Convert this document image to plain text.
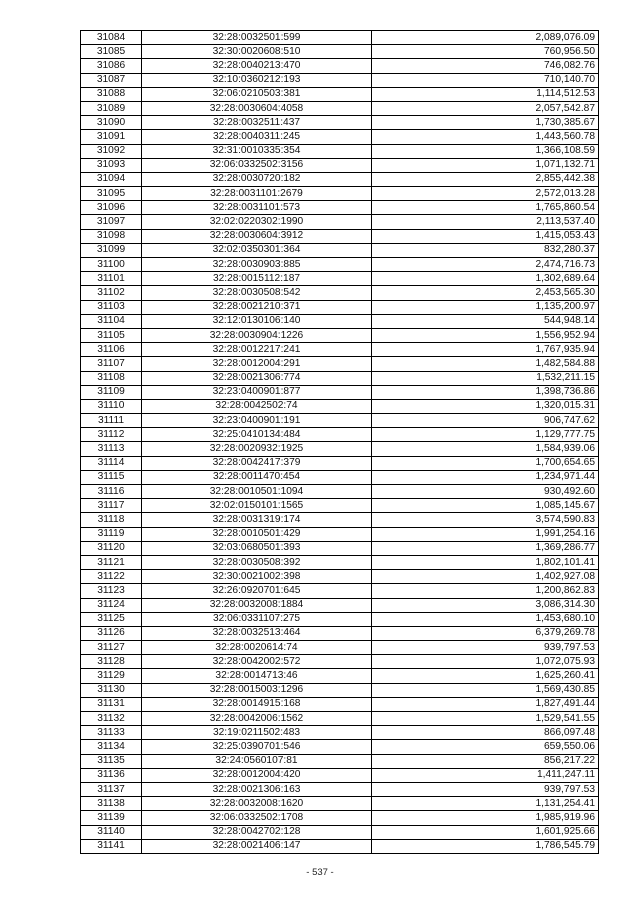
31084	32:28:0032501:599	2,089,076.09
31085	32:30:0020608:510	760,956.50
31086	32:28:0040213:470	746,082.76
31087	32:10:0360212:193	710,140.70
31088	32:06:0210503:381	1,114,512.53
31089	32:28:0030604:4058	2,057,542.87
31090	32:28:0032511:437	1,730,385.67
31091	32:28:0040311:245	1,443,560.78
31092	32:31:0010335:354	1,366,108.59
31093	32:06:0332502:3156	1,071,132.71
31094	32:28:0030720:182	2,855,442.38
31095	32:28:0031101:2679	2,572,013.28
31096	32:28:0031101:573	1,765,860.54
31097	32:02:0220302:1990	2,113,537.40
31098	32:28:0030604:3912	1,415,053.43
31099	32:02:0350301:364	832,280.37
31100	32:28:0030903:885	2,474,716.73
31101	32:28:0015112:187	1,302,689.64
31102	32:28:0030508:542	2,453,565.30
31103	32:28:0021210:371	1,135,200.97
31104	32:12:0130106:140	544,948.14
31105	32:28:0030904:1226	1,556,952.94
31106	32:28:0012217:241	1,767,935.94
31107	32:28:0012004:291	1,482,584.88
31108	32:28:0021306:774	1,532,211.15
31109	32:23:0400901:877	1,398,736.86
31110	32:28:0042502:74	1,320,015.31
31111	32:23:0400901:191	906,747.62
31112	32:25:0410134:484	1,129,777.75
31113	32:28:0020932:1925	1,584,939.06
31114	32:28:0042417:379	1,700,654.65
31115	32:28:0011470:454	1,234,971.44
31116	32:28:0010501:1094	930,492.60
31117	32:02:0150101:1565	1,085,145.67
31118	32:28:0031319:174	3,574,590.83
31119	32:28:0010501:429	1,991,254.16
31120	32:03:0680501:393	1,369,286.77
31121	32:28:0030508:392	1,802,101.41
31122	32:30:0021002:398	1,402,927.08
31123	32:26:0920701:645	1,200,862.83
31124	32:28:0032008:1884	3,086,314.30
31125	32:06:0331107:275	1,453,680.10
31126	32:28:0032513:464	6,379,269.78
31127	32:28:0020614:74	939,797.53
31128	32:28:0042002:572	1,072,075.93
31129	32:28:0014713:46	1,625,260.41
31130	32:28:0015003:1296	1,569,430.85
31131	32:28:0014915:168	1,827,491.44
31132	32:28:0042006:1562	1,529,541.55
31133	32:19:0211502:483	866,097.48
31134	32:25:0390701:546	659,550.06
31135	32:24:0560107:81	856,217.22
31136	32:28:0012004:420	1,411,247.11
31137	32:28:0021306:163	939,797.53
31138	32:28:0032008:1620	1,131,254.41
31139	32:06:0332502:1708	1,985,919.96
31140	32:28:0042702:128	1,601,925.66
31141	32:28:0021406:147	1,786,545.79
- 537 -
